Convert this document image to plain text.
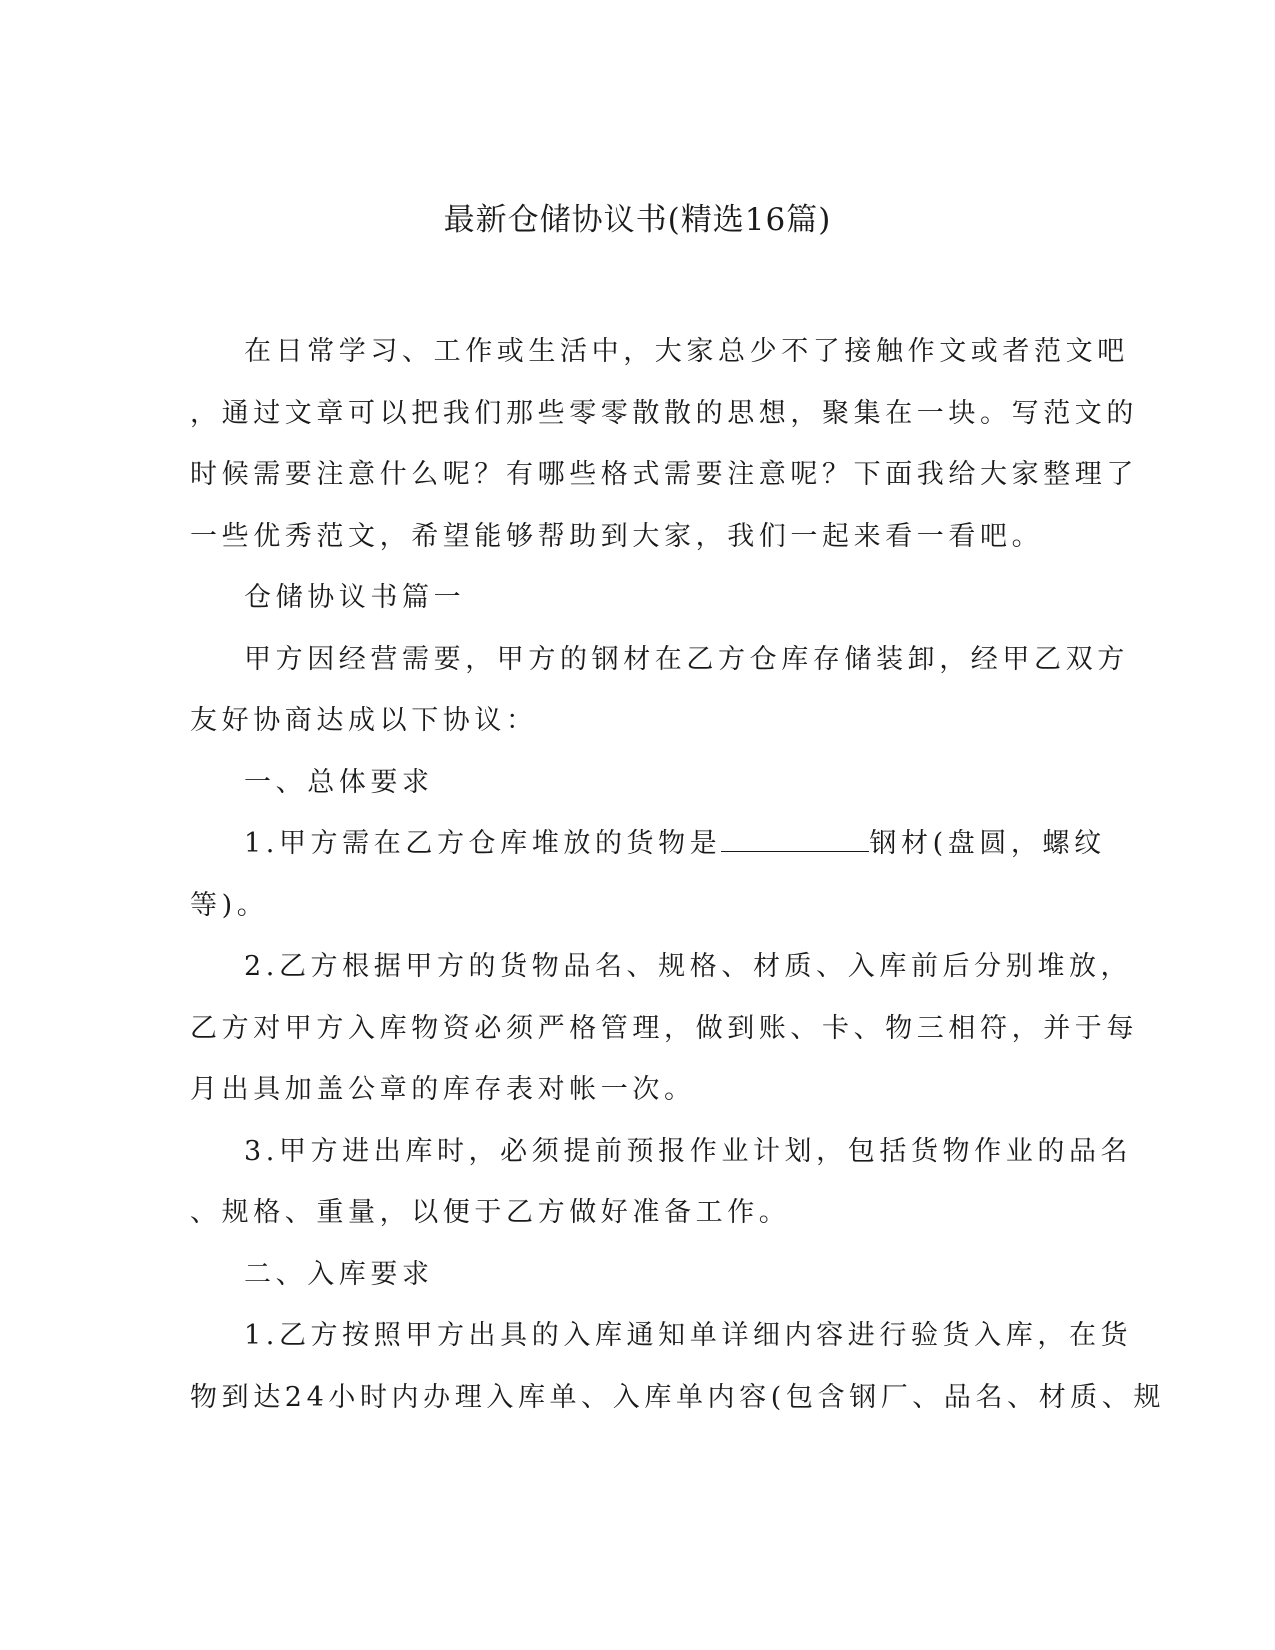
最新仓储协议书(精选16篇)

在日常学习、工作或生活中，大家总少不了接触作文或者范文吧

，通过文章可以把我们那些零零散散的思想，聚集在一块。写范文的

时候需要注意什么呢？有哪些格式需要注意呢？下面我给大家整理了

一些优秀范文，希望能够帮助到大家，我们一起来看一看吧。

仓储协议书篇一

甲方因经营需要，甲方的钢材在乙方仓库存储装卸，经甲乙双方

友好协商达成以下协议：

一、总体要求

1.甲方需在乙方仓库堆放的货物是	钢材(盘圆，螺纹

等)。

2.乙方根据甲方的货物品名、规格、材质、入库前后分别堆放，

乙方对甲方入库物资必须严格管理，做到账、卡、物三相符，并于每

月出具加盖公章的库存表对帐一次。

3.甲方进出库时，必须提前预报作业计划，包括货物作业的品名

、规格、重量，以便于乙方做好准备工作。

二、入库要求

1.乙方按照甲方出具的入库通知单详细内容进行验货入库，在货

物到达24小时内办理入库单、入库单内容(包含钢厂、品名、材质、规
